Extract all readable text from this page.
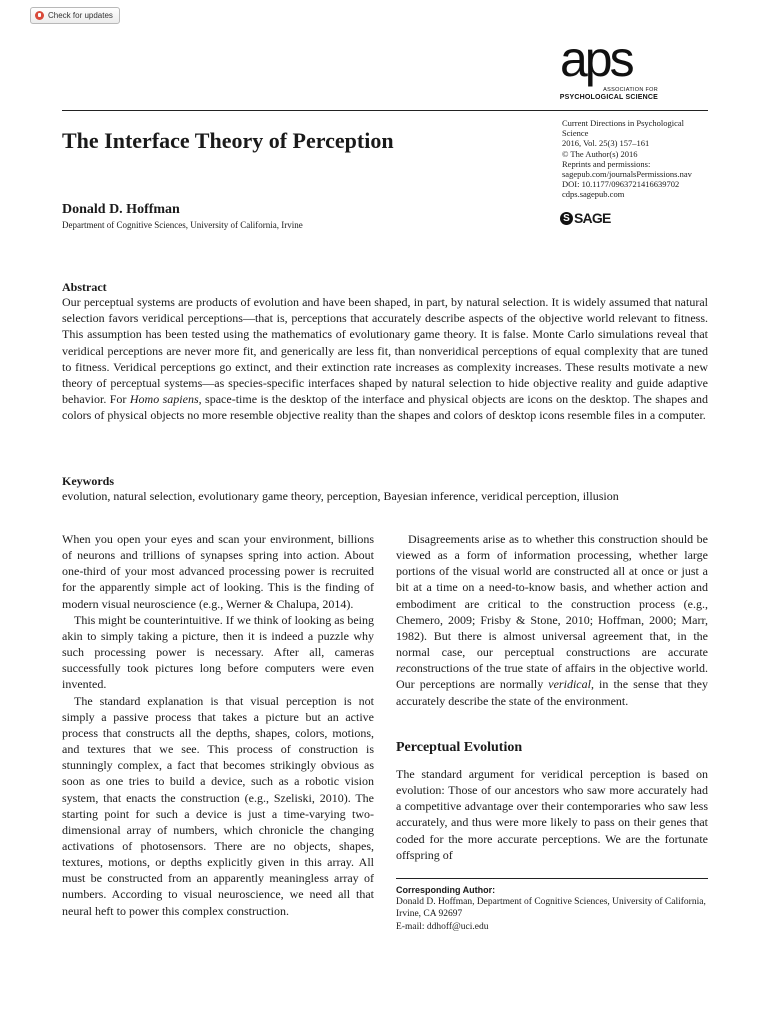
Check for updates
aps
ASSOCIATION FOR
PSYCHOLOGICAL SCIENCE
The Interface Theory of Perception
Donald D. Hoffman
Department of Cognitive Sciences, University of California, Irvine
Current Directions in Psychological
Science
2016, Vol. 25(3) 157–161
© The Author(s) 2016
Reprints and permissions:
sagepub.com/journalsPermissions.nav
DOI: 10.1177/0963721416639702
cdps.sagepub.com
S SAGE
Abstract

Our perceptual systems are products of evolution and have been shaped, in part, by natural selection. It is widely assumed that natural selection favors veridical perceptions—that is, perceptions that accurately describe aspects of the objective world relevant to fitness. This assumption has been tested using the mathematics of evolutionary game theory. It is false. Monte Carlo simulations reveal that veridical perceptions are never more fit, and generically are less fit, than nonveridical perceptions of equal complexity that are tuned to fitness. Veridical perceptions go extinct, and their extinction rate increases as complexity increases. These results motivate a new theory of perceptual systems—as species-specific interfaces shaped by natural selection to hide objective reality and guide adaptive behavior. For Homo sapiens, space-time is the desktop of the interface and physical objects are icons on the desktop. The shapes and colors of physical objects no more resemble objective reality than the shapes and colors of desktop icons resemble files in a computer.

Keywords
evolution, natural selection, evolutionary game theory, perception, Bayesian inference, veridical perception, illusion

When you open your eyes and scan your environment, billions of neurons and trillions of synapses spring into action. About one-third of your most advanced processing power is recruited for the apparently simple act of looking. This is the finding of modern visual neuroscience (e.g., Werner & Chalupa, 2014).

This might be counterintuitive. If we think of looking as being akin to simply taking a picture, then it is indeed a puzzle why such processing power is necessary. After all, cameras successfully took pictures long before computers were even invented.

The standard explanation is that visual perception is not simply a passive process that takes a picture but an active process that constructs all the depths, shapes, colors, motions, and textures that we see. This process of construction is stunningly complex, a fact that becomes strikingly obvious as soon as one tries to build a device, such as a robotic vision system, that enacts the construction (e.g., Szeliski, 2010). The starting point for such a device is just a time-varying two-dimensional array of numbers, which chronicle the changing activations of photosensors. There are no objects, shapes, textures, motions, or depths explicitly given in this array. All must be constructed from an apparently meaningless array of numbers. According to visual neuroscience, we need all that neural heft to power this complex construction.

Disagreements arise as to whether this construction should be viewed as a form of information processing, whether large portions of the visual world are constructed all at once or just a bit at a time on a need-to-know basis, and whether action and embodiment are critical to the construction process (e.g., Chemero, 2009; Frisby & Stone, 2010; Hoffman, 2000; Marr, 1982). But there is almost universal agreement that, in the normal case, our perceptual constructions are accurate reconstructions of the true state of affairs in the objective world. Our perceptions are normally veridical, in the sense that they accurately describe the state of the environment.

Perceptual Evolution

The standard argument for veridical perception is based on evolution: Those of our ancestors who saw more accurately had a competitive advantage over their contemporaries who saw less accurately, and thus were more likely to pass on their genes that coded for the more accurate perceptions. We are the fortunate offspring of

Corresponding Author:
Donald D. Hoffman, Department of Cognitive Sciences, University of California, Irvine, CA 92697
E-mail: ddhoff@uci.edu
